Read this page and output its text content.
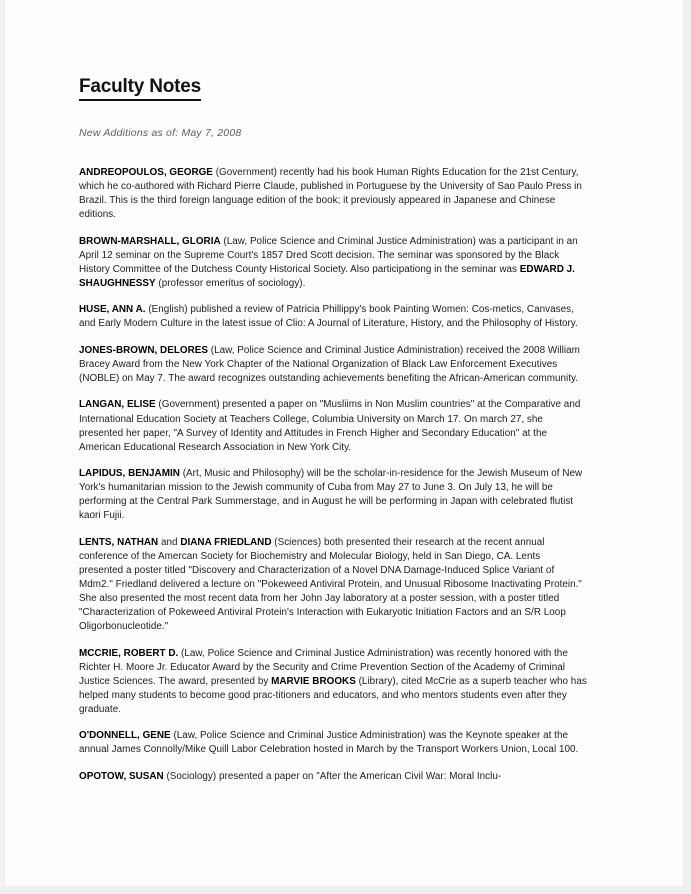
Faculty Notes
New Additions as of: May 7, 2008

ANDREOPOULOS, GEORGE (Government) recently had his book Human Rights Education for the 21st Century, which he co-authored with Richard Pierre Claude, published in Portuguese by the University of Sao Paulo Press in Brazil. This is the third foreign language edition of the book; it previously appeared in Japanese and Chinese editions.

BROWN-MARSHALL, GLORIA (Law, Police Science and Criminal Justice Administration) was a participant in an April 12 seminar on the Supreme Court's 1857 Dred Scott decision. The seminar was sponsored by the Black History Committee of the Dutchess County Historical Society. Also participationg in the seminar was EDWARD J. SHAUGHNESSY (professor emeritus of sociology).

HUSE, ANN A. (English) published a review of Patricia Phillippy's book Painting Women: Cos-metics, Canvases, and Early Modern Culture in the latest issue of Clio: A Journal of Literature, History, and the Philosophy of History.

JONES-BROWN, DELORES (Law, Police Science and Criminal Justice Administration) received the 2008 William Bracey Award from the New York Chapter of the National Organization of Black Law Enforcement Executives (NOBLE) on May 7. The award recognizes outstanding achievements benefiting the African-American community.

LANGAN, ELISE (Government) presented a paper on "Musliims in Non Muslim countries" at the Comparative and International Education Society at Teachers College, Columbia University on March 17. On march 27, she presented her paper, "A Survey of Identity and Attitudes in French Higher and Secondary Education" at the American Educational Research Association in New York City.

LAPIDUS, BENJAMIN (Art, Music and Philosophy) will be the scholar-in-residence for the Jewish Museum of New York's humanitarian mission to the Jewish community of Cuba from May 27 to June 3. On July 13, he will be performing at the Central Park Summerstage, and in August he will be performing in Japan with celebrated flutist kaori Fujii.

LENTS, NATHAN and DIANA FRIEDLAND (Sciences) both presented their research at the recent annual conference of the Amercan Society for Biochemistry and Molecular Biology, held in San Diego, CA. Lents presented a poster titled "Discovery and Characterization of a Novel DNA Damage-Induced Splice Variant of Mdm2." Friedland delivered a lecture on "Pokeweed Antiviral Protein, and Unusual Ribosome Inactivating Protein." She also presented the most recent data from her John Jay laboratory at a poster session, with a poster titled "Characterization of Pokeweed Antiviral Protein's Interaction with Eukaryotic Initiation Factors and an S/R Loop Oligorbonucleotide."

MCCRIE, ROBERT D. (Law, Police Science and Criminal Justice Administration) was recently honored with the Richter H. Moore Jr. Educator Award by the Security and Crime Prevention Section of the Academy of Criminal Justice Sciences. The award, presented by MARVIE BROOKS (Library), cited McCrie as a superb teacher who has helped many students to become good prac-titioners and educators, and who mentors students even after they graduate.

O'DONNELL, GENE (Law, Police Science and Criminal Justice Administration) was the Keynote speaker at the annual James Connolly/Mike Quill Labor Celebration hosted in March by the Transport Workers Union, Local 100.

OPOTOW, SUSAN (Sociology) presented a paper on "After the American Civil War: Moral Inclu-
